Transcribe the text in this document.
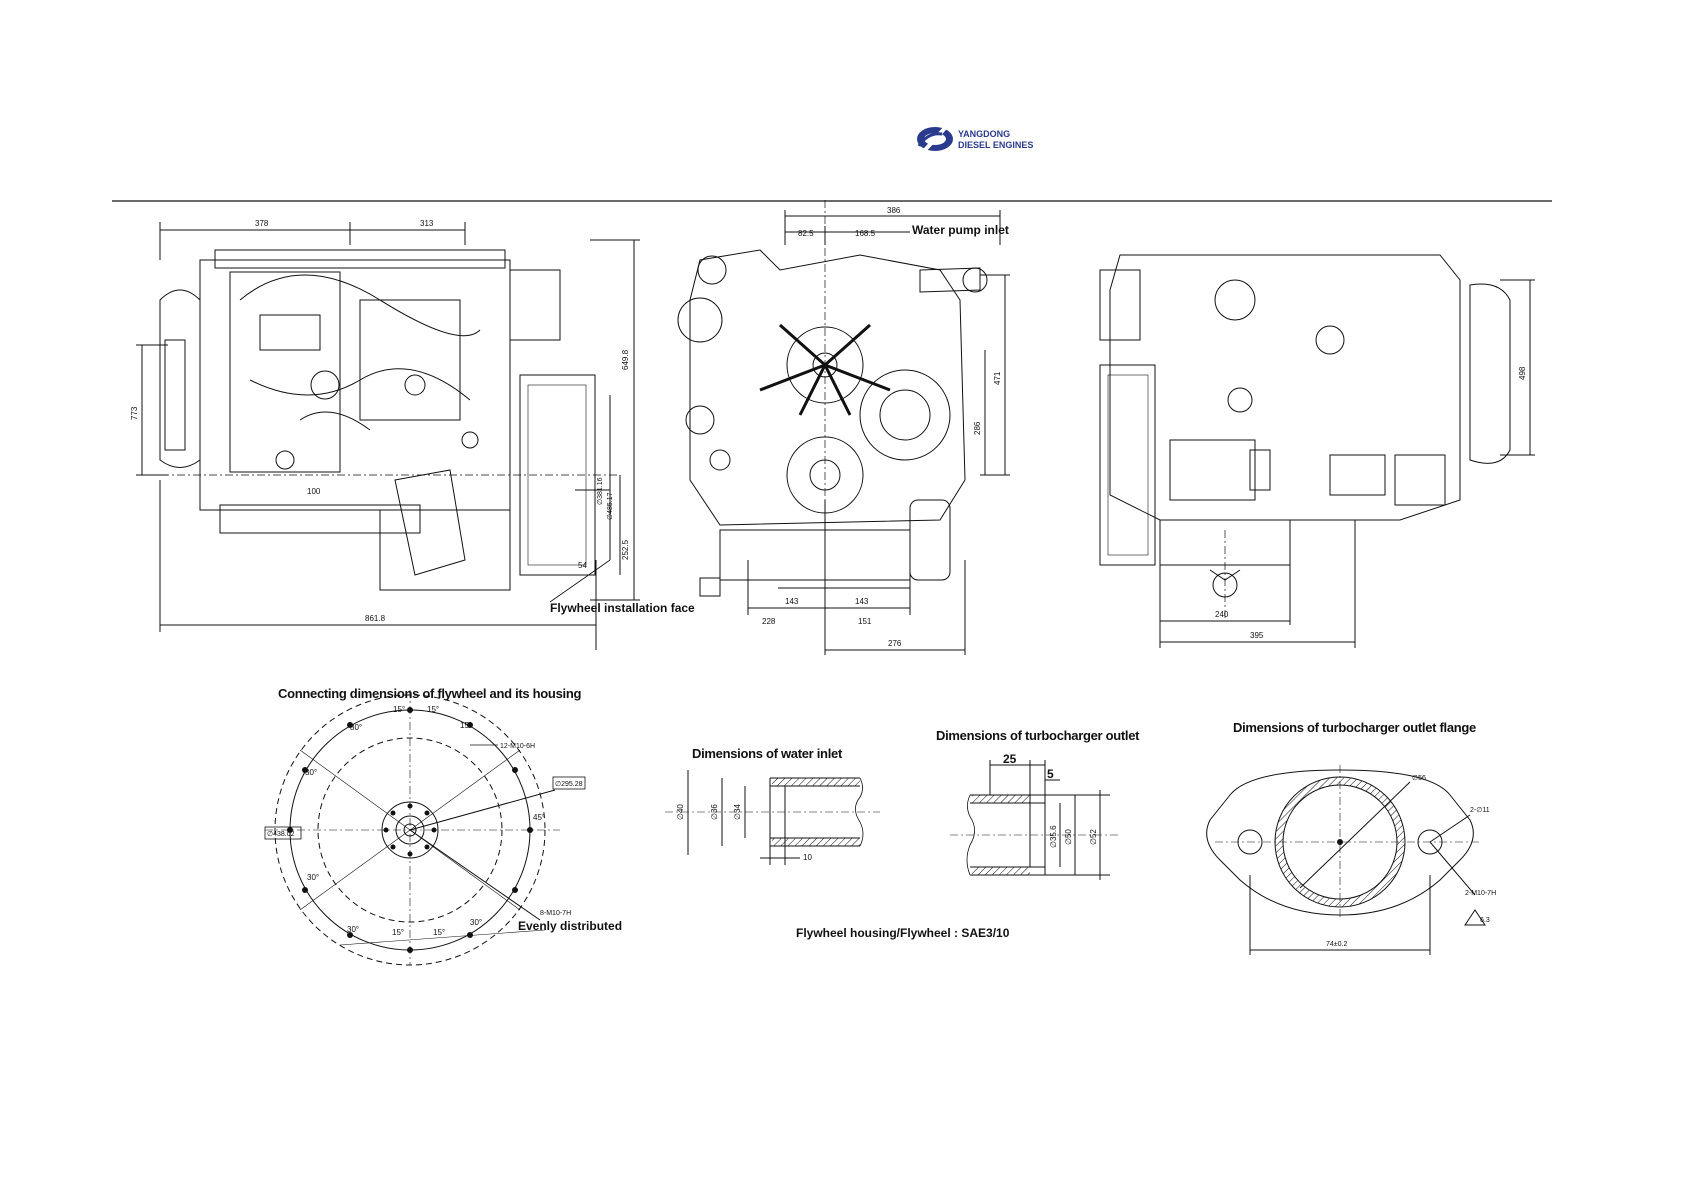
YANGDONG
DIESEL ENGINES
378	313
649.8
773
∅381.16
∅485.17
252.5
54
861.8
100
Flywheel installation face
386
82.5	168.5	Water pump inlet
471
286
143	143
228	151
276
498
240
395
Connecting dimensions of flywheel and its housing
15°	15°
15°
30°
30°
45°
30°
15°	15°
30°
30°
12-M10-6H
∅295.28
∅438.02
8-M10-7H
Evenly distributed
Dimensions of water inlet
∅40	∅36 ∅34
10
Dimensions of turbocharger outlet
25
5
∅35.6 ∅50 ∅52
Dimensions of turbocharger outlet flange
∅56
2-∅11
2-M10-7H
6.3
74±0.2
Flywheel housing/Flywheel : SAE3/10
